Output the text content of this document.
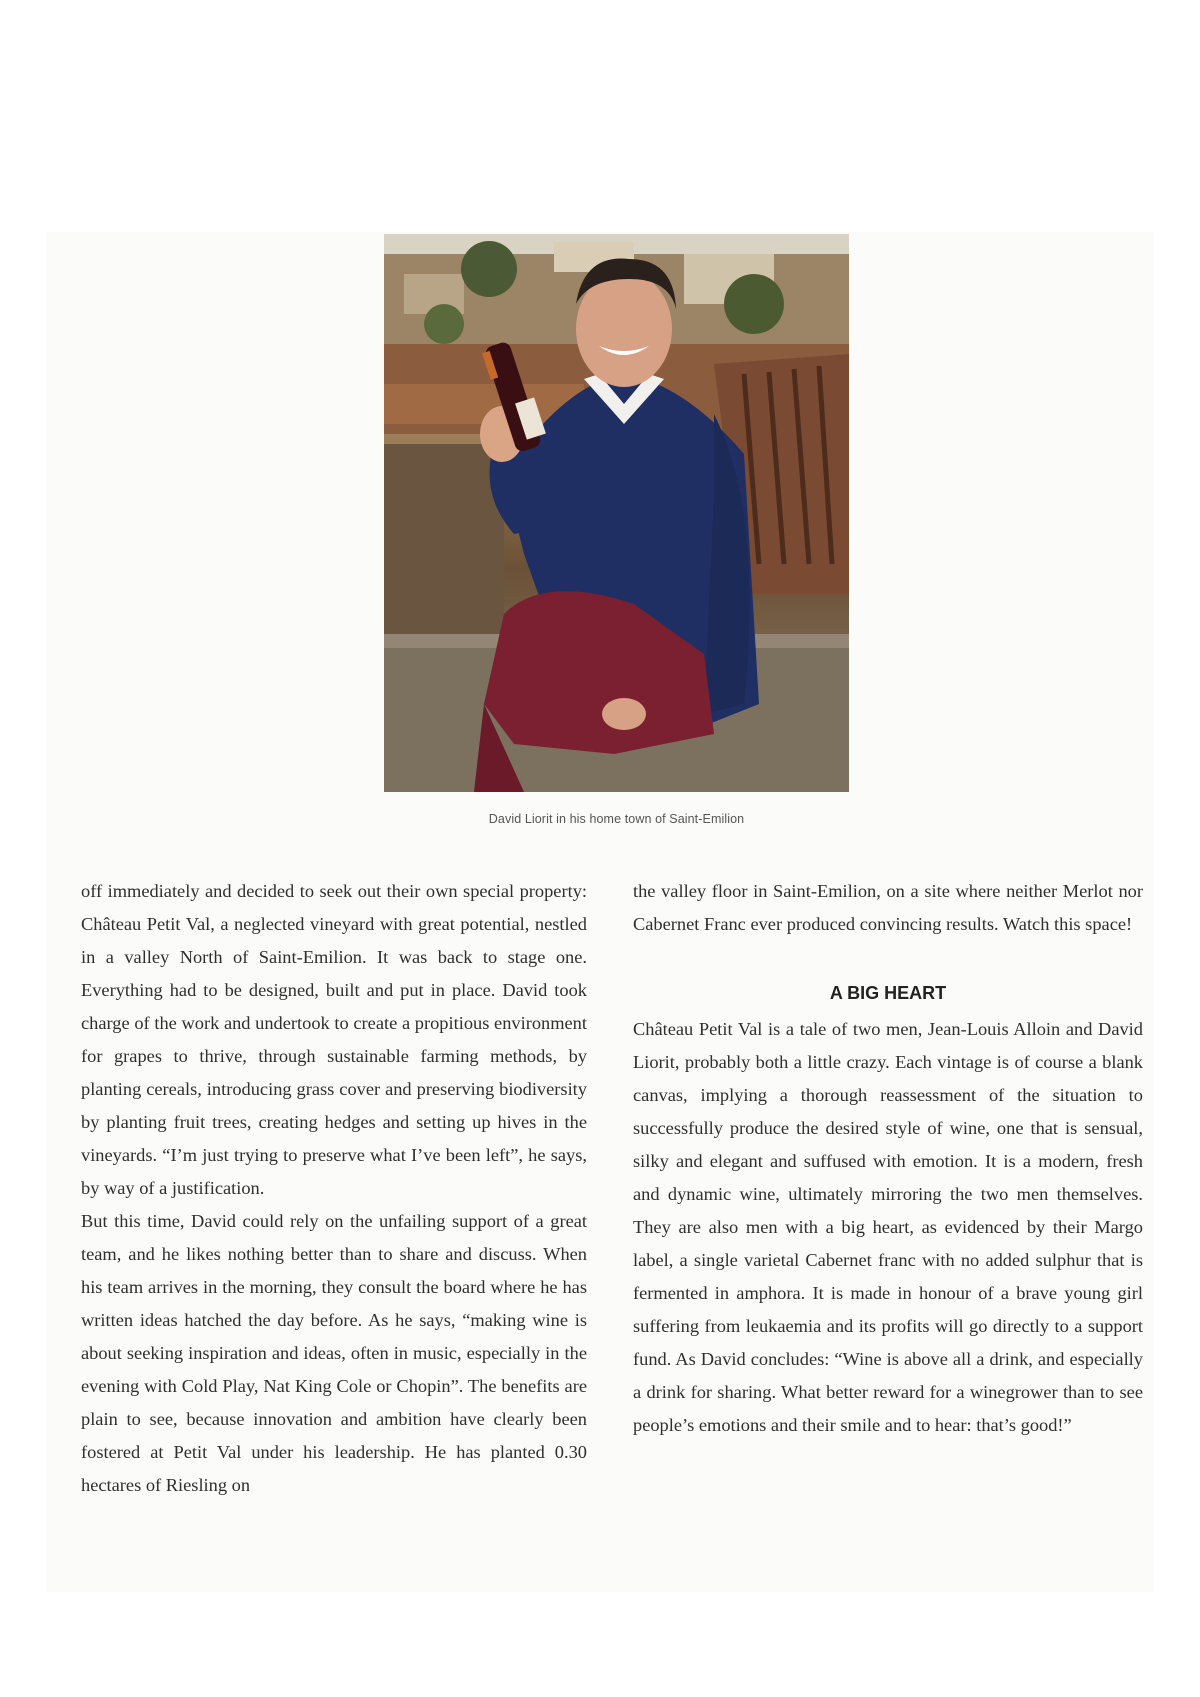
David Liorit in his home town of Saint-Emilion

off immediately and decided to seek out their own special property: Château Petit Val, a neglected vineyard with great potential, nestled in a valley North of Saint-Emilion. It was back to stage one. Everything had to be designed, built and put in place. David took charge of the work and undertook to create a propitious environment for grapes to thrive, through sustainable farming methods, by planting cereals, introducing grass cover and preserving biodiversity by planting fruit trees, creating hedges and setting up hives in the vineyards. “I’m just trying to preserve what I’ve been left”, he says, by way of a justification.

But this time, David could rely on the unfailing support of a great team, and he likes nothing better than to share and discuss. When his team arrives in the morning, they consult the board where he has written ideas hatched the day before. As he says, “making wine is about seeking inspiration and ideas, often in music, especially in the evening with Cold Play, Nat King Cole or Chopin”. The benefits are plain to see, because innovation and ambition have clearly been fostered at Petit Val under his leadership. He has planted 0.30 hectares of Riesling on

the valley floor in Saint-Emilion, on a site where neither Merlot nor Cabernet Franc ever produced convincing results. Watch this space!

A BIG HEART

Château Petit Val is a tale of two men, Jean-Louis Alloin and David Liorit, probably both a little crazy. Each vintage is of course a blank canvas, implying a thorough reassessment of the situation to successfully produce the desired style of wine, one that is sensual, silky and elegant and suffused with emotion. It is a modern, fresh and dynamic wine, ultimately mirroring the two men themselves. They are also men with a big heart, as evidenced by their Margo label, a single varietal Cabernet franc with no added sulphur that is fermented in amphora. It is made in honour of a brave young girl suffering from leukaemia and its profits will go directly to a support fund. As David concludes: “Wine is above all a drink, and especially a drink for sharing. What better reward for a winegrower than to see people’s emotions and their smile and to hear: that’s good!”
